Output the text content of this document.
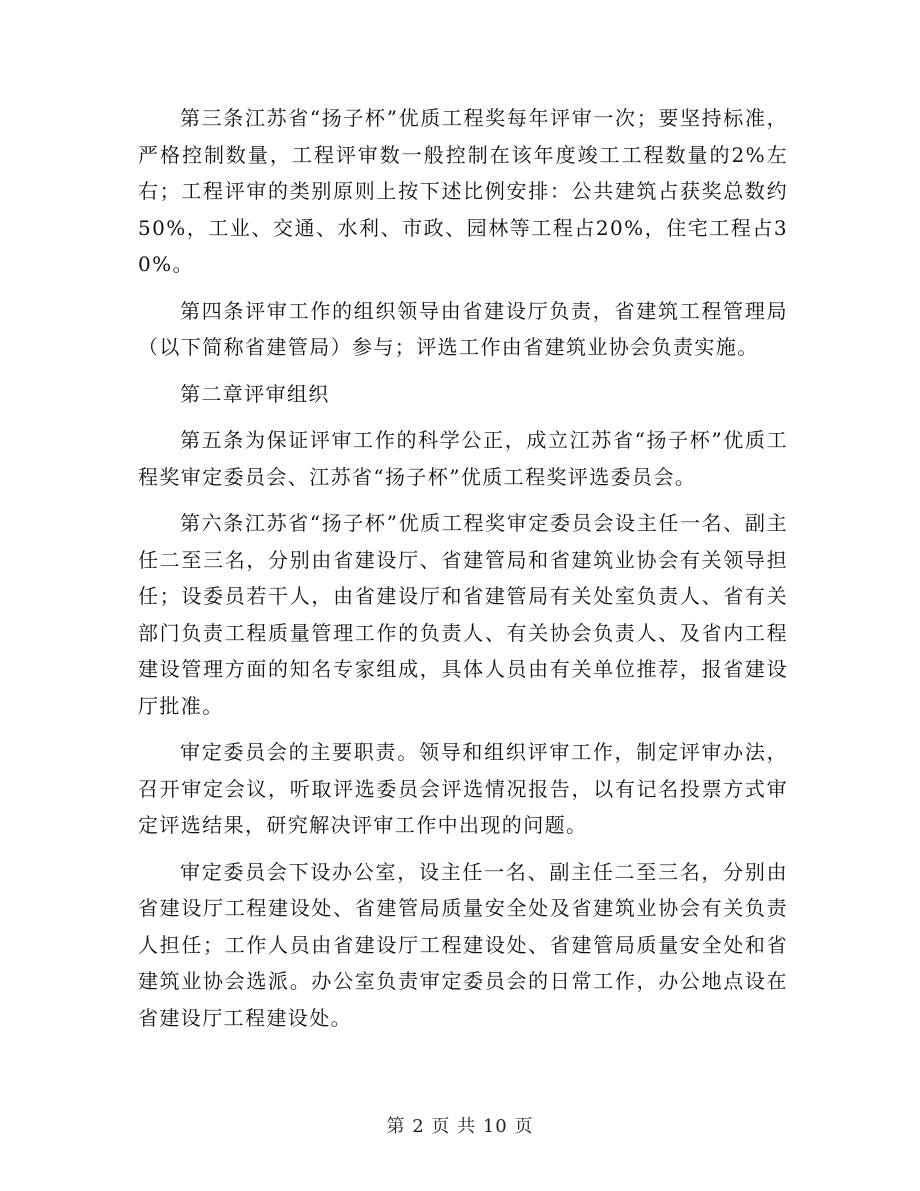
第三条江苏省“扬子杯”优质工程奖每年评审一次；要坚持标准，严格控制数量，工程评审数一般控制在该年度竣工工程数量的2%左右；工程评审的类别原则上按下述比例安排：公共建筑占获奖总数约50%，工业、交通、水利、市政、园林等工程占20%，住宅工程占30%。

第四条评审工作的组织领导由省建设厅负责，省建筑工程管理局（以下简称省建管局）参与；评选工作由省建筑业协会负责实施。

第二章评审组织

第五条为保证评审工作的科学公正，成立江苏省“扬子杯”优质工程奖审定委员会、江苏省“扬子杯”优质工程奖评选委员会。

第六条江苏省“扬子杯”优质工程奖审定委员会设主任一名、副主任二至三名，分别由省建设厅、省建管局和省建筑业协会有关领导担任；设委员若干人，由省建设厅和省建管局有关处室负责人、省有关部门负责工程质量管理工作的负责人、有关协会负责人、及省内工程建设管理方面的知名专家组成，具体人员由有关单位推荐，报省建设厅批准。

审定委员会的主要职责。领导和组织评审工作，制定评审办法，召开审定会议，听取评选委员会评选情况报告，以有记名投票方式审定评选结果，研究解决评审工作中出现的问题。

审定委员会下设办公室，设主任一名、副主任二至三名，分别由省建设厅工程建设处、省建管局质量安全处及省建筑业协会有关负责人担任；工作人员由省建设厅工程建设处、省建管局质量安全处和省建筑业协会选派。办公室负责审定委员会的日常工作，办公地点设在省建设厅工程建设处。

第 2 页 共 10 页
